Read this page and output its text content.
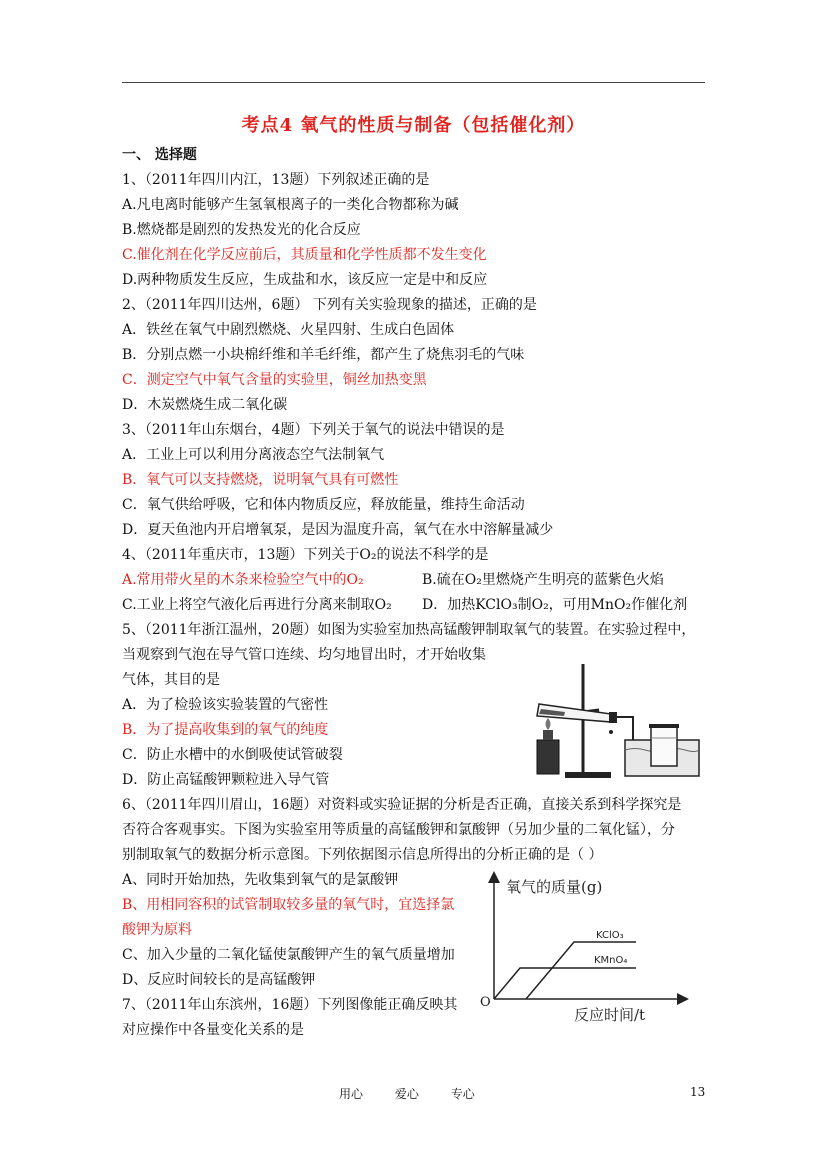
考点4 氧气的性质与制备（包括催化剂）
一、 选择题
1、（2011年四川内江，13题）下列叙述正确的是
A.凡电离时能够产生氢氧根离子的一类化合物都称为碱
B.燃烧都是剧烈的发热发光的化合反应
C.催化剂在化学反应前后，其质量和化学性质都不发生变化
D.两种物质发生反应，生成盐和水，该反应一定是中和反应
2、（2011年四川达州，6题） 下列有关实验现象的描述，正确的是
A．铁丝在氧气中剧烈燃烧、火星四射、生成白色固体
B．分别点燃一小块棉纤维和羊毛纤维，都产生了烧焦羽毛的气味
C．测定空气中氧气含量的实验里，铜丝加热变黑
D．木炭燃烧生成二氧化碳
3、（2011年山东烟台，4题）下列关于氧气的说法中错误的是
A．工业上可以利用分离液态空气法制氧气
B．氧气可以支持燃烧，说明氧气具有可燃性
C．氧气供给呼吸，它和体内物质反应，释放能量，维持生命活动
D．夏天鱼池内开启增氧泵，是因为温度升高，氧气在水中溶解量减少
4、（2011年重庆市，13题）下列关于O₂的说法不科学的是
A.常用带火星的木条来检验空气中的O₂	B.硫在O₂里燃烧产生明亮的蓝紫色火焰
C.工业上将空气液化后再进行分离来制取O₂ D．加热KClO₃制O₂，可用MnO₂作催化剂
5、（2011年浙江温州，20题）如图为实验室加热高锰酸钾制取氧气的装置。在实验过程中，
当观察到气泡在导气管口连续、均匀地冒出时，才开始收集
气体，其目的是
A．为了检验该实验装置的气密性
B．为了提高收集到的氧气的纯度
C．防止水槽中的水倒吸使试管破裂
D．防止高锰酸钾颗粒进入导气管
6、（2011年四川眉山，16题）对资料或实验证据的分析是否正确，直接关系到科学探究是
否符合客观事实。下图为实验室用等质量的高锰酸钾和氯酸钾（另加少量的二氧化锰），分
别制取氧气的数据分析示意图。下列依据图示信息所得出的分析正确的是（ ）
A、同时开始加热，先收集到氧气的是氯酸钾
B、用相同容积的试管制取较多量的氧气时，宜选择氯
酸钾为原料
C、加入少量的二氧化锰使氯酸钾产生的氧气质量增加
D、反应时间较长的是高锰酸钾
7、（2011年山东滨州，16题）下列图像能正确反映其
对应操作中各量变化关系的是
氧气的质量(g)
反应时间/t
O
KClO₃
KMnO₄
用心	爱心	专心	13
